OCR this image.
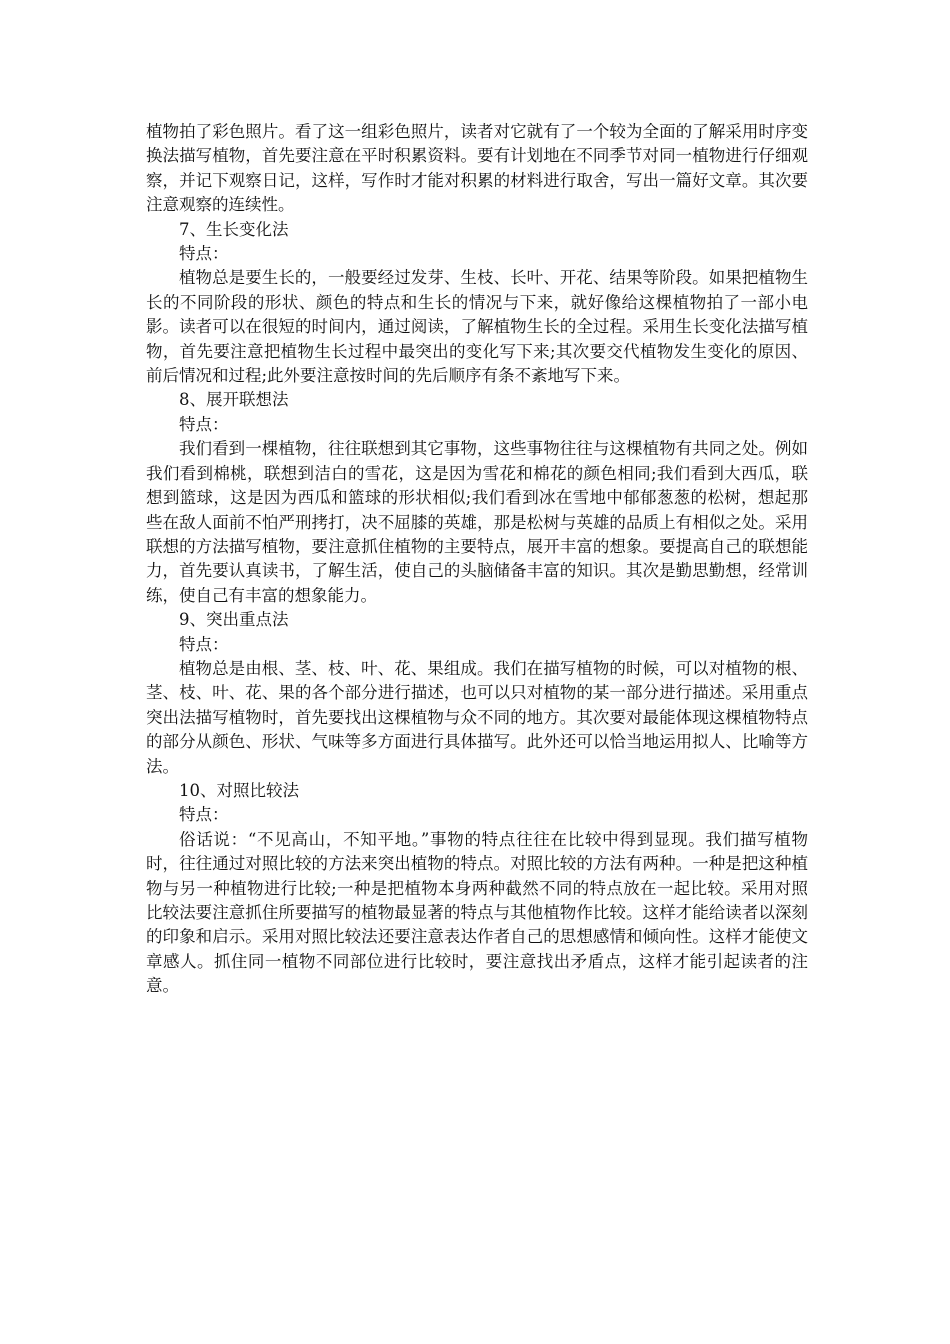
植物拍了彩色照片。看了这一组彩色照片，读者对它就有了一个较为全面的了解采用时序变换法描写植物，首先要注意在平时积累资料。要有计划地在不同季节对同一植物进行仔细观察，并记下观察日记，这样，写作时才能对积累的材料进行取舍，写出一篇好文章。其次要注意观察的连续性。

7、生长变化法

特点：

植物总是要生长的，一般要经过发芽、生枝、长叶、开花、结果等阶段。如果把植物生长的不同阶段的形状、颜色的特点和生长的情况与下来，就好像给这棵植物拍了一部小电影。读者可以在很短的时间内，通过阅读，了解植物生长的全过程。采用生长变化法描写植物，首先要注意把植物生长过程中最突出的变化写下来;其次要交代植物发生变化的原因、前后情况和过程;此外要注意按时间的先后顺序有条不紊地写下来。

8、展开联想法

特点：

我们看到一棵植物，往往联想到其它事物，这些事物往往与这棵植物有共同之处。例如我们看到棉桃，联想到洁白的雪花，这是因为雪花和棉花的颜色相同;我们看到大西瓜，联想到篮球，这是因为西瓜和篮球的形状相似;我们看到冰在雪地中郁郁葱葱的松树，想起那些在敌人面前不怕严刑拷打，决不屈膝的英雄，那是松树与英雄的品质上有相似之处。采用联想的方法描写植物，要注意抓住植物的主要特点，展开丰富的想象。要提高自己的联想能力，首先要认真读书，了解生活，使自己的头脑储备丰富的知识。其次是勤思勤想，经常训练，使自己有丰富的想象能力。

9、突出重点法

特点：

植物总是由根、茎、枝、叶、花、果组成。我们在描写植物的时候，可以对植物的根、茎、枝、叶、花、果的各个部分进行描述，也可以只对植物的某一部分进行描述。采用重点突出法描写植物时，首先要找出这棵植物与众不同的地方。其次要对最能体现这棵植物特点的部分从颜色、形状、气味等多方面进行具体描写。此外还可以恰当地运用拟人、比喻等方法。

10、对照比较法

特点：

俗话说：“不见高山，不知平地。”事物的特点往往在比较中得到显现。我们描写植物时，往往通过对照比较的方法来突出植物的特点。对照比较的方法有两种。一种是把这种植物与另一种植物进行比较;一种是把植物本身两种截然不同的特点放在一起比较。采用对照比较法要注意抓住所要描写的植物最显著的特点与其他植物作比较。这样才能给读者以深刻的印象和启示。采用对照比较法还要注意表达作者自己的思想感情和倾向性。这样才能使文章感人。抓住同一植物不同部位进行比较时，要注意找出矛盾点，这样才能引起读者的注意。
